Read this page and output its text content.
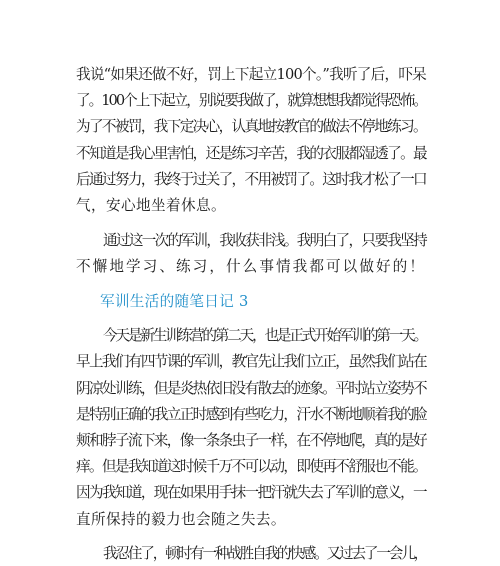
我说“如果还做不好，罚上下起立100个。”我听了后，吓呆
了。100个上下起立，别说要我做了，就算想想我都觉得恐怖。
为了不被罚，我下定决心，认真地按教官的做法不停地练习。
不知道是我心里害怕，还是练习辛苦，我的衣服都湿透了。最
后通过努力，我终于过关了，不用被罚了。这时我才松了一口
气，安心地坐着休息。
通过这一次的军训，我收获非浅。我明白了，只要我坚持
不懈地学习、练习，什么事情我都可以做好的！
军训生活的随笔日记 3
今天是新生训练营的第二天，也是正式开始军训的第一天。
早上我们有四节课的军训，教官先让我们立正，虽然我们站在
阴凉处训练，但是炎热依旧没有散去的迹象。平时站立姿势不
是特别正确的我立正时感到有些吃力，汗水不断地顺着我的脸
颊和脖子流下来，像一条条虫子一样，在不停地爬，真的是好
痒。但是我知道这时候千万不可以动，即使再不舒服也不能。
因为我知道，现在如果用手抹一把汗就失去了军训的意义，一
直所保持的毅力也会随之失去。
我忍住了，顿时有一种战胜自我的快感。又过去了一会儿，
